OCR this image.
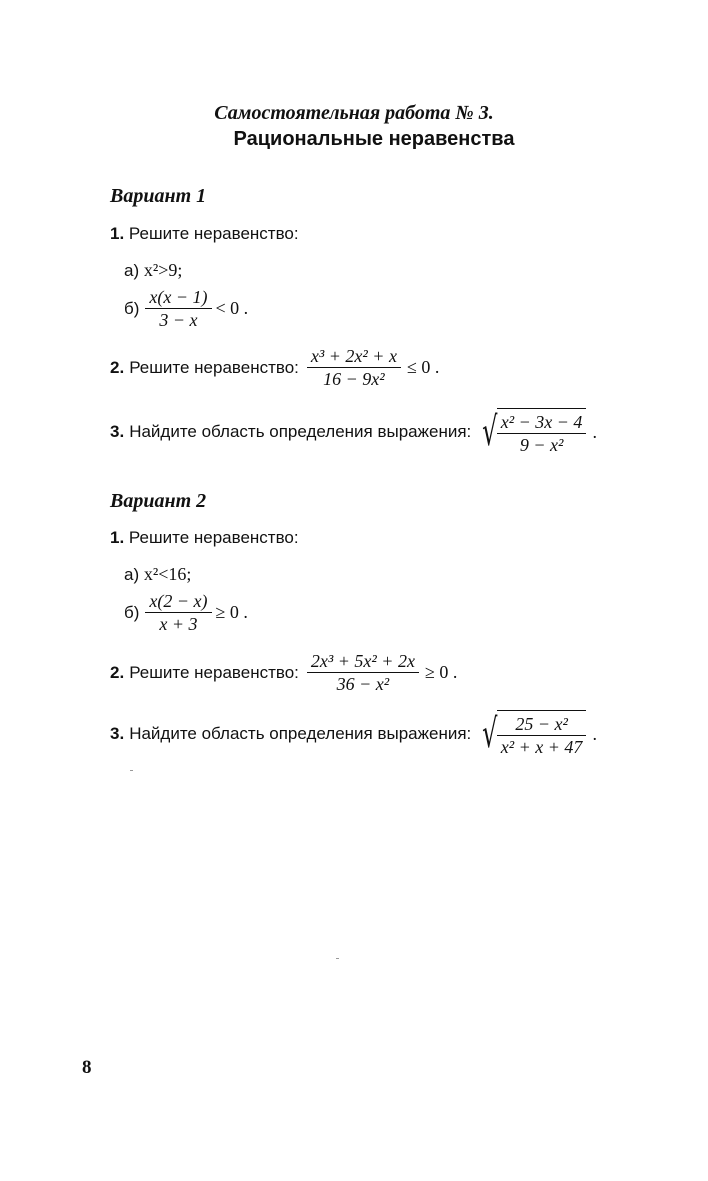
Самостоятельная работа № 3.
Рациональные неравенства
Вариант 1
1. Решите неравенство:
а) x²>9;
$б) \frac{x(x - 1)}{3 - x} < 0$ .
2. Решите неравенство: $\frac{\text{x³ + 2x² + x}}{\text{16 − 9x²}} \le 0$ .
3. Найдите область определения выражения: √ $\frac{\text{x² − 3x − 4}}{\text{9 − x²}}$ .
Вариант 2
1. Решите неравенство:
а) x²<16;
$б) \frac{x(2 - x)}{x + 3} \ge 0$ .
2. Решите неравенство: $\frac{\text{2x³ + 5x² + 2x}}{\text{36 − x²}} \ge 0$ .
3. Найдите область определения выражения: √ $\frac{\text{25 − x²}}{\text{x² + x + 47}}$ .
8
